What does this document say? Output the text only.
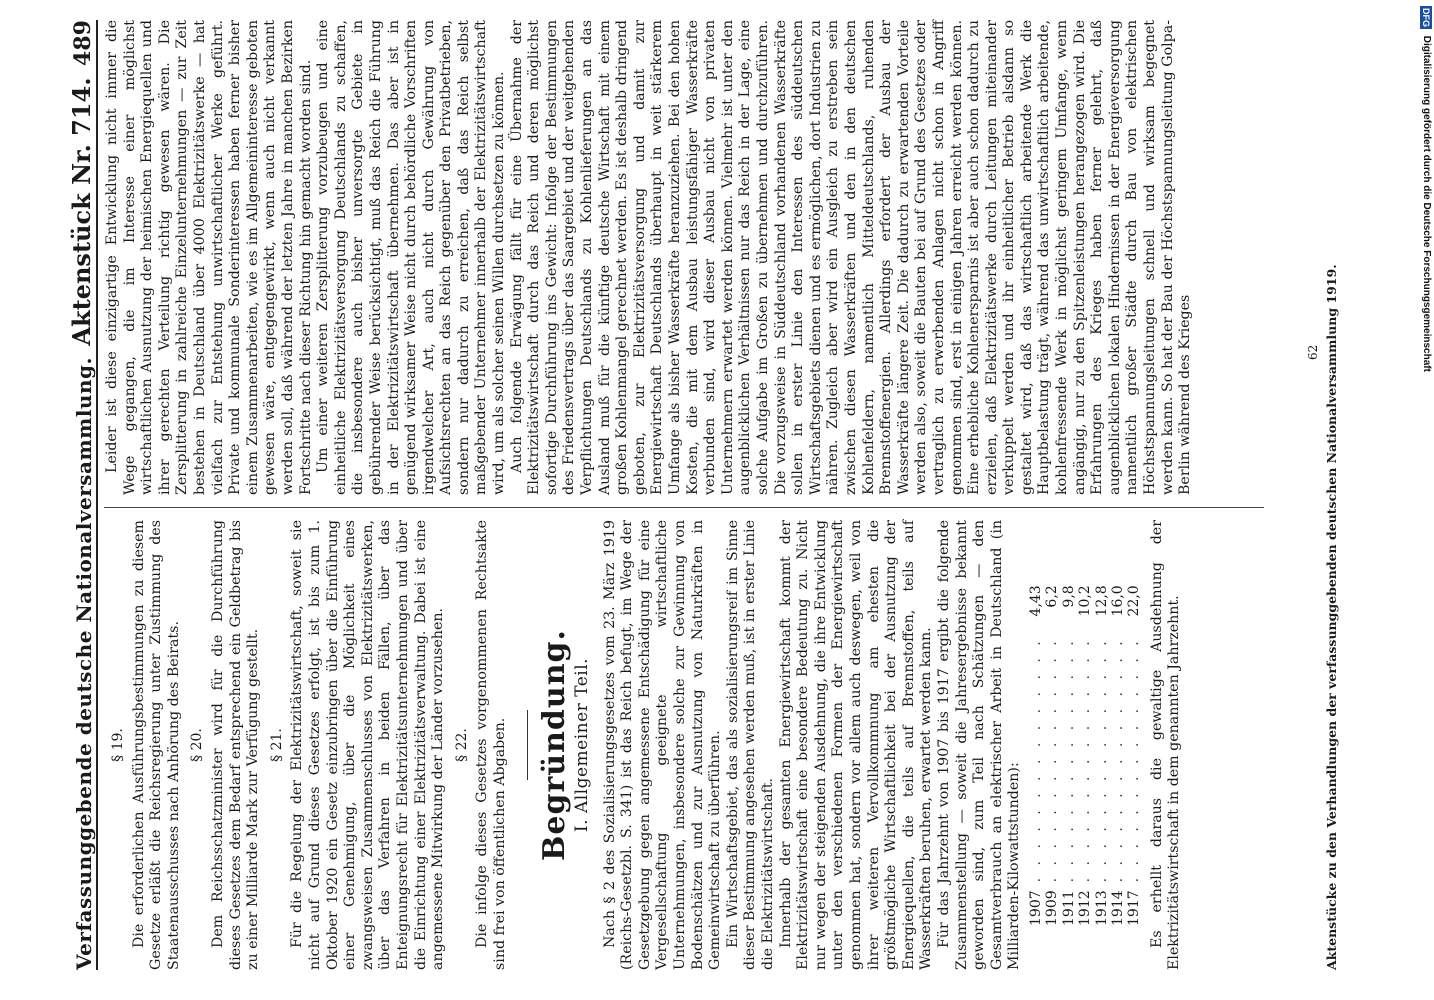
DFG Digitalisierung gefördert durch die Deutsche Forschungsgemeinschaft
Verfassunggebende deutsche Nationalversammlung.
Aktenstück Nr. 714.
489
§ 19. Die erforderlichen Ausführungsbestimmungen zu diesem Gesetze erläßt die Reichsregierung unter Zustimmung des Staatenausschusses nach Anhörung des Beirats. § 20. Dem Reichsschatzminister wird für die Durchführung dieses Gesetzes dem Bedarf entsprechend ein Geldbetrag bis zu einer Milliarde Mark zur Verfügung gestellt. § 21. Für die Regelung der Elektrizitätswirtschaft, soweit sie nicht auf Grund dieses Gesetzes erfolgt, ist bis zum 1. Oktober 1920 ein Gesetz einzubringen über die Einführung einer Genehmigung, über die Möglichkeit eines zwangsweisen Zusammenschlusses von Elektrizitätswerken, über das Verfahren in beiden Fällen, über das Enteignungsrecht für Elektrizitätsunternehmungen und über die Einrichtung einer Elektrizitätsverwaltung. Dabei ist eine angemessene Mitwirkung der Länder vorzusehen. § 22. Die infolge dieses Gesetzes vorgenommenen Rechtsakte sind frei von öffentlichen Abgaben. Begründung. I. Allgemeiner Teil. Nach § 2 des Sozialisierungsgesetzes vom 23. März 1919 (Reichs-Gesetzbl. S. 341) ist das Reich befugt, im Wege der Gesetzgebung gegen angemessene Entschädigung für eine Vergesellschaftung geeignete wirtschaftliche Unternehmungen, insbesondere solche zur Gewinnung von Bodenschätzen und zur Ausnutzung von Naturkräften in Gemeinwirtschaft zu überführen. Ein Wirtschaftsgebiet, das als sozialisierungsreif im Sinne dieser Bestimmung angesehen werden muß, ist in erster Linie die Elektrizitätswirtschaft. Innerhalb der gesamten Energiewirtschaft kommt der Elektrizitätswirtschaft eine besondere Bedeutung zu. Nicht nur wegen der steigenden Ausdehnung, die ihre Entwicklung unter den verschiedenen Formen der Energiewirtschaft genommen hat, sondern vor allem auch deswegen, weil von ihrer weiteren Vervollkommnung am ehesten die größtmögliche Wirtschaftlichkeit bei der Ausnutzung der Energiequellen, die teils auf Brennstoffen, teils auf Wasserkräften beruhen, erwartet werden kann. Für das Jahrzehnt von 1907 bis 1917 ergibt die folgende Zusammenstellung — soweit die Jahresergebnisse bekannt geworden sind, zum Teil nach Schätzungen — den Gesamtverbrauch an elektrischer Arbeit in Deutschland (in Milliarden-Kilowattstunden): 1907	. . . . . . . . . . . . . . .	4,43
1909	. . . . . . . . . . . . . . .	6,2
1911	. . . . . . . . . . . . . . .	9,8
1912	. . . . . . . . . . . . . . .	10,2
1913	. . . . . . . . . . . . . . .	12,8
1914	. . . . . . . . . . . . . . .	16,0
1917	. . . . . . . . . . . . . . .	22,0 Es erhellt daraus die gewaltige Ausdehnung der Elektrizitätswirtschaft in dem genannten Jahrzehnt.

Leider ist diese einzigartige Entwicklung nicht immer die Wege gegangen, die im Interesse einer möglichst wirtschaftlichen Ausnutzung der heimischen Energiequellen und ihrer gerechten Verteilung richtig gewesen wären. Die Zersplitterung in zahlreiche Einzelunternehmungen — zur Zeit bestehen in Deutschland über 4000 Elektrizitätswerke — hat vielfach zur Entstehung unwirtschaftlicher Werke geführt. Private und kommunale Sonderinteressen haben ferner bisher einem Zusammenarbeiten, wie es im Allgemeininteresse geboten gewesen wäre, entgegengewirkt, wenn auch nicht verkannt werden soll, daß während der letzten Jahre in manchen Bezirken Fortschritte nach dieser Richtung hin gemacht worden sind. Um einer weiteren Zersplitterung vorzubeugen und eine einheitliche Elektrizitätsversorgung Deutschlands zu schaffen, die insbesondere auch bisher unversorgte Gebiete in gebührender Weise berücksichtigt, muß das Reich die Führung in der Elektrizitätswirtschaft übernehmen. Das aber ist in genügend wirksamer Weise nicht durch behördliche Vorschriften irgendwelcher Art, auch nicht durch Gewährung von Aufsichtsrechten an das Reich gegenüber den Privatbetrieben, sondern nur dadurch zu erreichen, daß das Reich selbst maßgebender Unternehmer innerhalb der Elektrizitätswirtschaft wird, um als solcher seinen Willen durchsetzen zu können. Auch folgende Erwägung fällt für eine Übernahme der Elektrizitätswirtschaft durch das Reich und deren möglichst sofortige Durchführung ins Gewicht: Infolge der Bestimmungen des Friedensvertrags über das Saargebiet und der weitgehenden Verpflichtungen Deutschlands zu Kohlenlieferungen an das Ausland muß für die künftige deutsche Wirtschaft mit einem großen Kohlenmangel gerechnet werden. Es ist deshalb dringend geboten, zur Elektrizitätsversorgung und damit zur Energiewirtschaft Deutschlands überhaupt in weit stärkerem Umfange als bisher Wasserkräfte heranzuziehen. Bei den hohen Kosten, die mit dem Ausbau leistungsfähiger Wasserkräfte verbunden sind, wird dieser Ausbau nicht von privaten Unternehmern erwartet werden können. Vielmehr ist unter den augenblicklichen Verhältnissen nur das Reich in der Lage, eine solche Aufgabe im Großen zu übernehmen und durchzuführen. Die vorzugsweise in Süddeutschland vorhandenen Wasserkräfte sollen in erster Linie den Interessen des süddeutschen Wirtschaftsgebiets dienen und es ermöglichen, dort Industrien zu nähren. Zugleich aber wird ein Ausgleich zu erstreben sein zwischen diesen Wasserkräften und den in den deutschen Kohlenfeldern, namentlich Mitteldeutschlands, ruhenden Brennstoffenergien. Allerdings erfordert der Ausbau der Wasserkräfte längere Zeit. Die dadurch zu erwartenden Vorteile werden also, soweit die Bauten bei auf Grund des Gesetzes oder vertraglich zu erwerbenden Anlagen nicht schon in Angriff genommen sind, erst in einigen Jahren erreicht werden können. Eine erhebliche Kohlenersparnis ist aber auch schon dadurch zu erzielen, daß Elektrizitätswerke durch Leitungen miteinander verkuppelt werden und ihr einheitlicher Betrieb alsdann so gestaltet wird, daß das wirtschaftlich arbeitende Werk die Hauptbelastung trägt, während das unwirtschaftlich arbeitende, kohlenfressende Werk in möglichst geringem Umfange, wenn angängig, nur zu den Spitzenleistungen herangezogen wird. Die Erfahrungen des Krieges haben ferner gelehrt, daß augenblicklichen lokalen Hindernissen in der Energieversorgung namentlich großer Städte durch Bau von elektrischen Höchstspannungsleitungen schnell und wirksam begegnet werden kann. So hat der Bau der Höchstspannungsleitung Golpa-Berlin während des Krieges	62 Aktenstücke zu den Verhandlungen der verfassunggebenden deutschen Nationalversammlung 1919.
